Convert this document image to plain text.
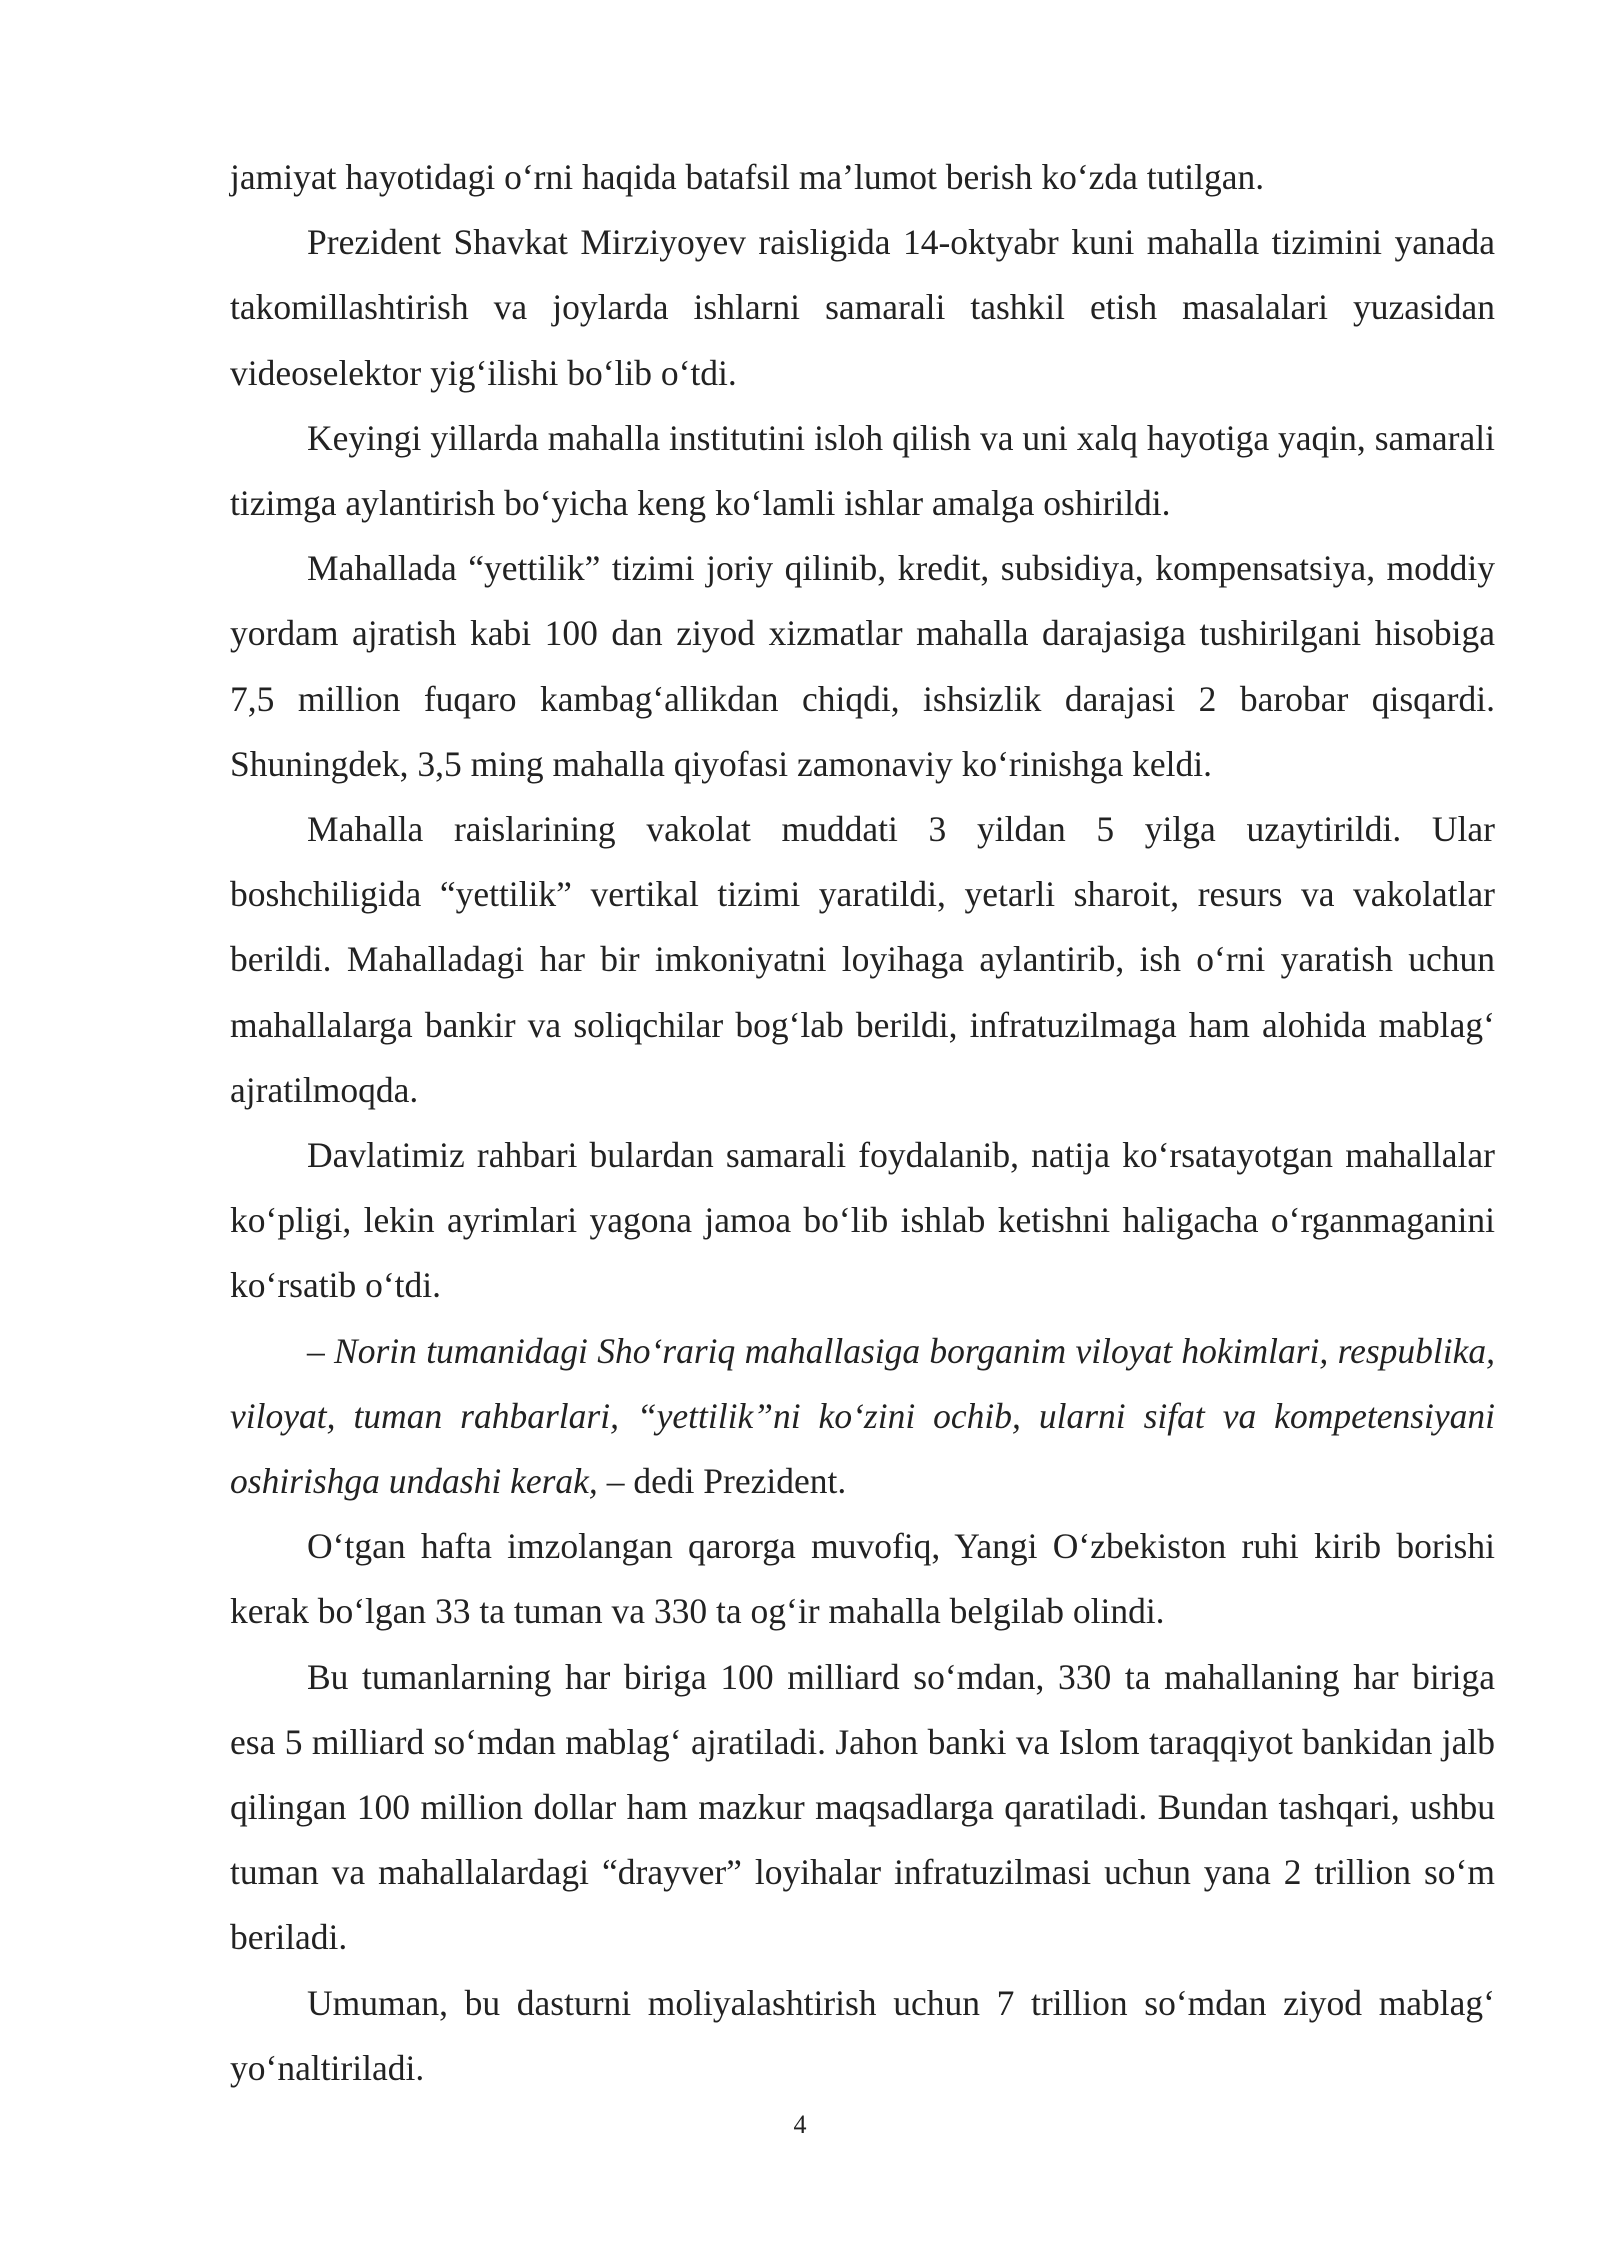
jamiyat hayotidagi o‘rni haqida batafsil ma’lumot berish ko‘zda tutilgan.

Prezident Shavkat Mirziyoyev raisligida 14-oktyabr kuni mahalla tizimini yanada takomillashtirish va joylarda ishlarni samarali tashkil etish masalalari yuzasidan videoselektor yig‘ilishi bo‘lib o‘tdi.

Keyingi yillarda mahalla institutini isloh qilish va uni xalq hayotiga yaqin, samarali tizimga aylantirish bo‘yicha keng ko‘lamli ishlar amalga oshirildi.

Mahallada “yettilik” tizimi joriy qilinib, kredit, subsidiya, kompensatsiya, moddiy yordam ajratish kabi 100 dan ziyod xizmatlar mahalla darajasiga tushirilgani hisobiga 7,5 million fuqaro kambag‘allikdan chiqdi, ishsizlik darajasi 2 barobar qisqardi. Shuningdek, 3,5 ming mahalla qiyofasi zamonaviy ko‘rinishga keldi.

Mahalla raislarining vakolat muddati 3 yildan 5 yilga uzaytirildi. Ular boshchiligida “yettilik” vertikal tizimi yaratildi, yetarli sharoit, resurs va vakolatlar berildi. Mahalladagi har bir imkoniyatni loyihaga aylantirib, ish o‘rni yaratish uchun mahallalarga bankir va soliqchilar bog‘lab berildi, infratuzilmaga ham alohida mablag‘ ajratilmoqda.

Davlatimiz rahbari bulardan samarali foydalanib, natija ko‘rsatayotgan mahallalar ko‘pligi, lekin ayrimlari yagona jamoa bo‘lib ishlab ketishni haligacha o‘rganmaganini ko‘rsatib o‘tdi.

– Norin tumanidagi Sho‘rariq mahallasiga borganim viloyat hokimlari, respublika, viloyat, tuman rahbarlari, “yettilik”ni ko‘zini ochib, ularni sifat va kompetensiyani oshirishga undashi kerak, – dedi Prezident.

O‘tgan hafta imzolangan qarorga muvofiq, Yangi O‘zbekiston ruhi kirib borishi kerak bo‘lgan 33 ta tuman va 330 ta og‘ir mahalla belgilab olindi.

Bu tumanlarning har biriga 100 milliard so‘mdan, 330 ta mahallaning har biriga esa 5 milliard so‘mdan mablag‘ ajratiladi. Jahon banki va Islom taraqqiyot bankidan jalb qilingan 100 million dollar ham mazkur maqsadlarga qaratiladi. Bundan tashqari, ushbu tuman va mahallalardagi “drayver” loyihalar infratuzilmasi uchun yana 2 trillion so‘m beriladi.

Umuman, bu dasturni moliyalashtirish uchun 7 trillion so‘mdan ziyod mablag‘ yo‘naltiriladi.

4
